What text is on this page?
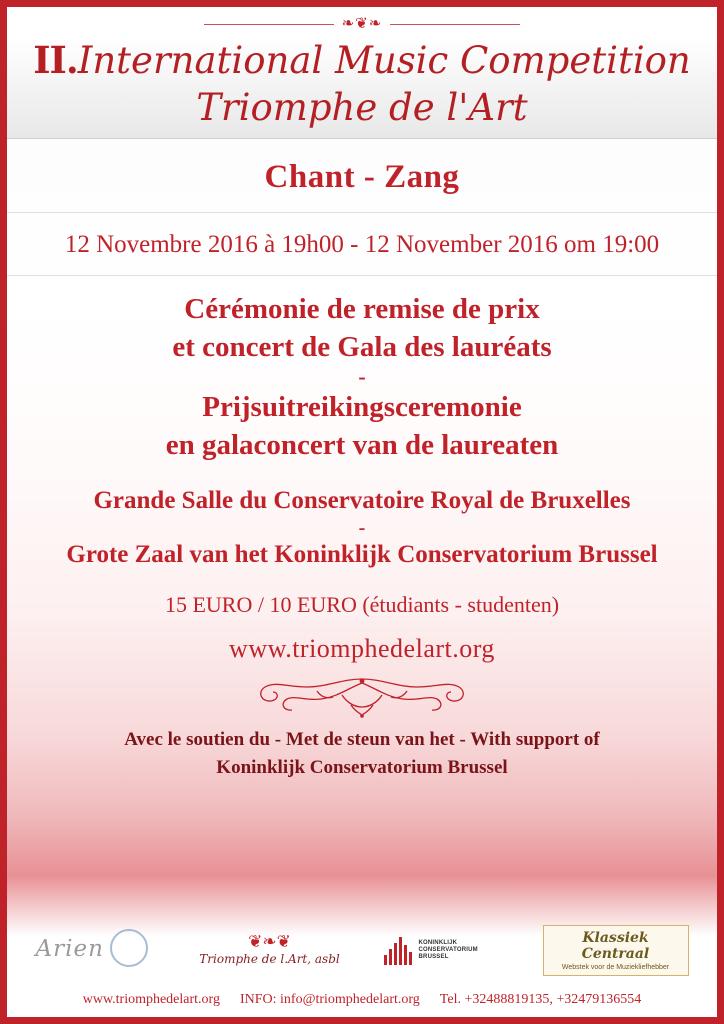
❧❦❧
II.International Music Competition
Triomphe de l'Art
Chant - Zang
12 Novembre 2016 à 19h00 - 12 November 2016 om 19:00
Cérémonie de remise de prix
et concert de Gala des lauréats
-
Prijsuitreikingsceremonie
en galaconcert van de laureaten
Grande Salle du Conservatoire Royal de Bruxelles
-
Grote Zaal van het Koninklijk Conservatorium Brussel
15 EURO / 10 EURO (étudiants - studenten)
www.triomphedelart.org
Avec le soutien du - Met de steun van het - With support of
Koninklijk Conservatorium Brussel
Arien	❦❧❦
Triomphe de l.Art, asbl
KONINKLIJK
CONSERVATORIUM
BRUSSEL
Klassiek Centraal
Webstek voor de Muziekliefhebber
www.triomphedelart.org INFO: info@triomphedelart.org Tel. +32488819135, +32479136554
